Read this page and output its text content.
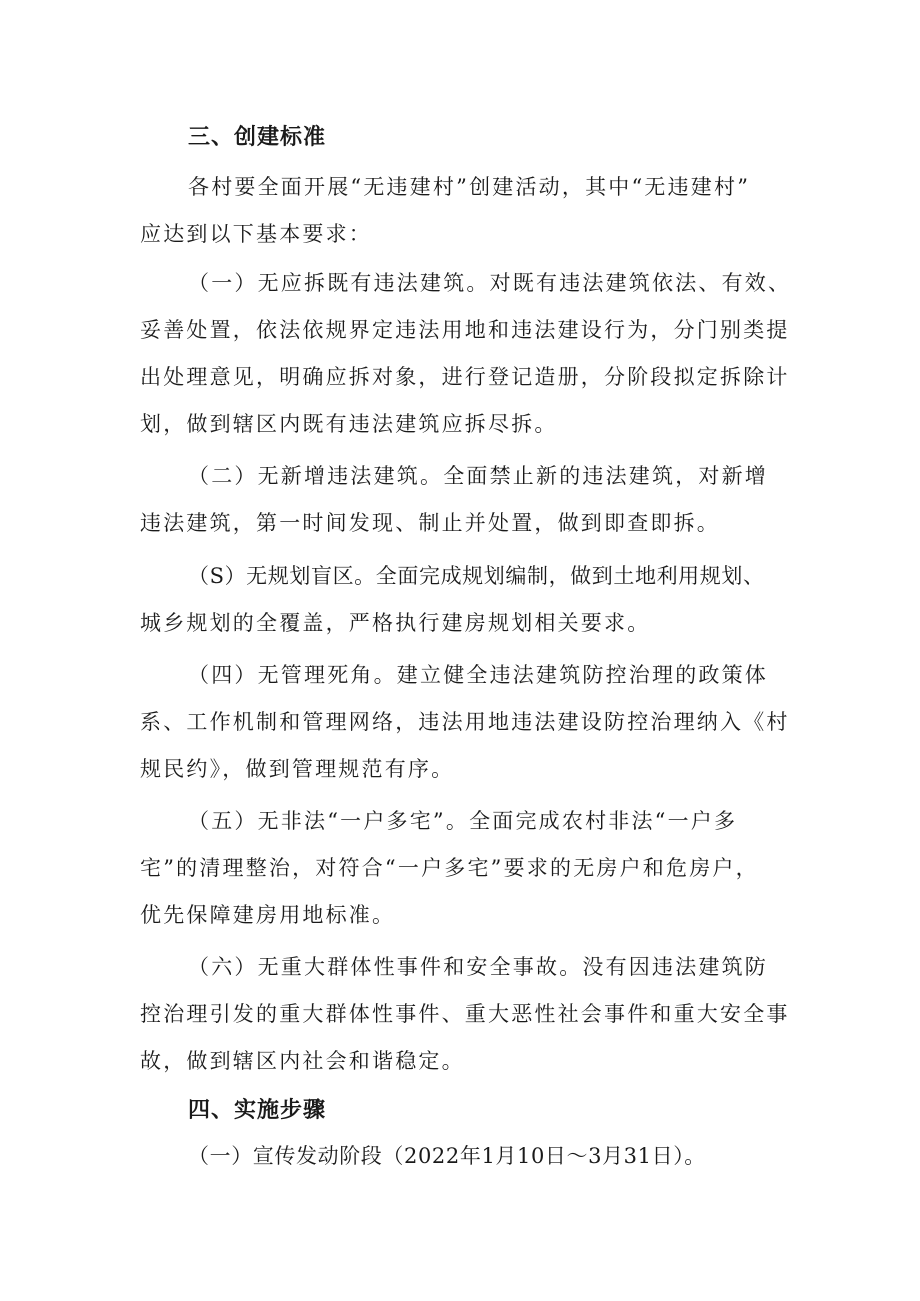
三、创建标准

各村要全面开展“无违建村”创建活动，其中“无违建村”

应达到以下基本要求：

（一）无应拆既有违法建筑。对既有违法建筑依法、有效、

妥善处置，依法依规界定违法用地和违法建设行为，分门别类提

出处理意见，明确应拆对象，进行登记造册，分阶段拟定拆除计

划，做到辖区内既有违法建筑应拆尽拆。

（二）无新增违法建筑。全面禁止新的违法建筑，对新增

违法建筑，第一时间发现、制止并处置，做到即查即拆。

（S）无规划盲区。全面完成规划编制，做到土地利用规划、

城乡规划的全覆盖，严格执行建房规划相关要求。

（四）无管理死角。建立健全违法建筑防控治理的政策体

系、工作机制和管理网络，违法用地违法建设防控治理纳入《村

规民约》，做到管理规范有序。

（五）无非法“一户多宅”。全面完成农村非法“一户多

宅”的清理整治，对符合“一户多宅”要求的无房户和危房户，

优先保障建房用地标准。

（六）无重大群体性事件和安全事故。没有因违法建筑防

控治理引发的重大群体性事件、重大恶性社会事件和重大安全事

故，做到辖区内社会和谐稳定。

四、实施步骤

（一）宣传发动阶段（2022年1月10日～3月31日）。
